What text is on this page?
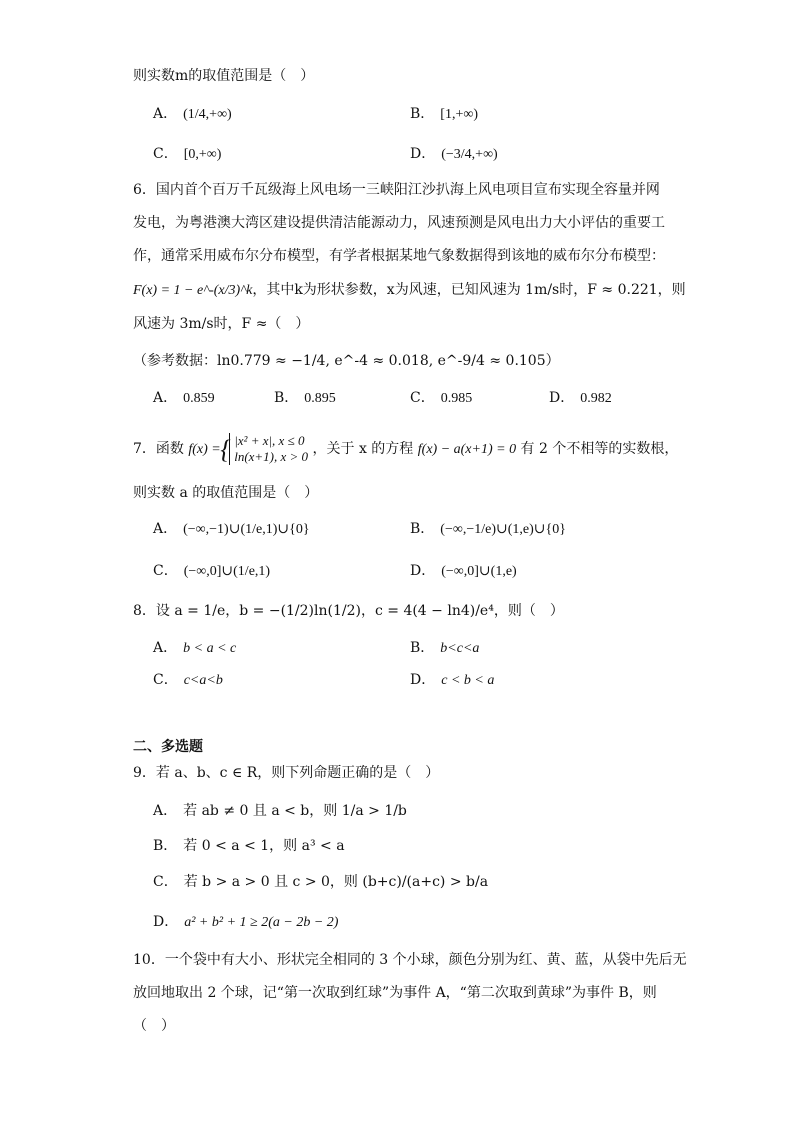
则实数m的取值范围是（　）
A． (1/4,+∞)	B． [1,+∞)
C． [0,+∞)	D． (−3/4,+∞)
6．国内首个百万千瓦级海上风电场一三峡阳江沙扒海上风电项目宣布实现全容量并网
发电，为粤港澳大湾区建设提供清洁能源动力，风速预测是风电出力大小评估的重要工
作，通常采用威布尔分布模型，有学者根据某地气象数据得到该地的威布尔分布模型：
F(x) = 1 − e^-(x/3)^k，其中k为形状参数，x为风速，已知风速为 1m/s时，F ≈ 0.221，则
风速为 3m/s时，F ≈（　）
（参考数据：ln0.779 ≈ −1/4, e^-4 ≈ 0.018, e^-9/4 ≈ 0.105）
A． 0.859	B． 0.895	C． 0.985	D． 0.982
7．函数 f(x) =
{ |x² + x|, x ≤ 0
ln(x+1), x > 0 ，关于 x 的方程 f(x) − a(x+1) = 0 有 2 个不相等的实数根，
则实数 a 的取值范围是（　）
A． (−∞,−1)∪(1/e,1)∪{0}	B． (−∞,−1/e)∪(1,e)∪{0}
C． (−∞,0]∪(1/e,1)	D． (−∞,0]∪(1,e)
8．设 a = 1/e，b = −(1/2)ln(1/2)，c = 4(4 − ln4)/e⁴，则（　）
A． b < a < c	B． b<c<a
C． c<a<b	D． c < b < a
二、多选题
9．若 a、b、c ∈ R，则下列命题正确的是（　）
A． 若 ab ≠ 0 且 a < b，则 1/a > 1/b
B． 若 0 < a < 1，则 a³ < a
C． 若 b > a > 0 且 c > 0，则 (b+c)/(a+c) > b/a
D． a² + b² + 1 ≥ 2(a − 2b − 2)
10．一个袋中有大小、形状完全相同的 3 个小球，颜色分别为红、黄、蓝，从袋中先后无
放回地取出 2 个球，记“第一次取到红球”为事件 A，“第二次取到黄球”为事件 B，则
（　）
